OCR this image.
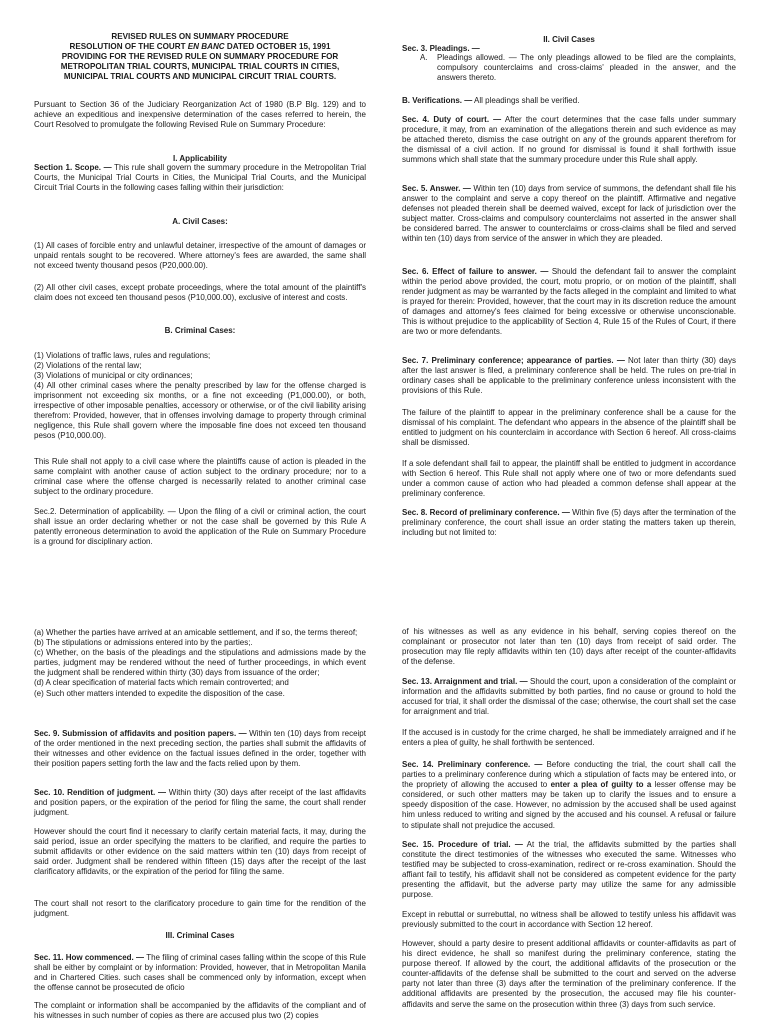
REVISED RULES ON SUMMARY PROCEDURE
RESOLUTION OF THE COURT EN BANC DATED OCTOBER 15, 1991
PROVIDING FOR THE REVISED RULE ON SUMMARY PROCEDURE FOR
METROPOLITAN TRIAL COURTS, MUNICIPAL TRIAL COURTS IN CITIES,
MUNICIPAL TRIAL COURTS AND MUNICIPAL CIRCUIT TRIAL COURTS.

Pursuant to Section 36 of the Judiciary Reorganization Act of 1980 (B.P Blg. 129) and to achieve an expeditious and inexpensive determination of the cases referred to herein, the Court Resolved to promulgate the following Revised Rule on Summary Procedure:

I. Applicability

Section 1. Scope. — This rule shall govern the summary procedure in the Metropolitan Trial Courts, the Municipal Trial Courts in Cities, the Municipal Trial Courts, and the Municipal Circuit Trial Courts in the following cases falling within their jurisdiction:

A. Civil Cases:

(1) All cases of forcible entry and unlawful detainer, irrespective of the amount of damages or unpaid rentals sought to be recovered. Where attorney's fees are awarded, the same shall not exceed twenty thousand pesos (P20,000.00).

(2) All other civil cases, except probate proceedings, where the total amount of the plaintiff's claim does not exceed ten thousand pesos (P10,000.00), exclusive of interest and costs.

B. Criminal Cases:

(1) Violations of traffic laws, rules and regulations;
(2) Violations of the rental law;
(3) Violations of municipal or city ordinances;
(4) All other criminal cases where the penalty prescribed by law for the offense charged is imprisonment not exceeding six months, or a fine not exceeding (P1,000.00), or both, irrespective of other imposable penalties, accessory or otherwise, or of the civil liability arising therefrom: Provided, however, that in offenses involving damage to property through criminal negligence, this Rule shall govern where the imposable fine does not exceed ten thousand pesos (P10,000.00).

This Rule shall not apply to a civil case where the plaintiffs cause of action is pleaded in the same complaint with another cause of action subject to the ordinary procedure; nor to a criminal case where the offense charged is necessarily related to another criminal case subject to the ordinary procedure.

Sec.2. Determination of applicability. — Upon the filing of a civil or criminal action, the court shall issue an order declaring whether or not the case shall be governed by this Rule A patently erroneous determination to avoid the application of the Rule on Summary Procedure is a ground for disciplinary action.

II. Civil Cases

Sec. 3. Pleadings. —

A.	Pleadings allowed. — The only pleadings allowed to be filed are the complaints, compulsory counterclaims and cross-claims' pleaded in the answer, and the answers thereto.

B. Verifications. — All pleadings shall be verified.

Sec. 4. Duty of court. — After the court determines that the case falls under summary procedure, it may, from an examination of the allegations therein and such evidence as may be attached thereto, dismiss the case outright on any of the grounds apparent therefrom for the dismissal of a civil action. If no ground for dismissal is found it shall forthwith issue summons which shall state that the summary procedure under this Rule shall apply.

Sec. 5. Answer. — Within ten (10) days from service of summons, the defendant shall file his answer to the complaint and serve a copy thereof on the plaintiff. Affirmative and negative defenses not pleaded therein shall be deemed waived, except for lack of jurisdiction over the subject matter. Cross-claims and compulsory counterclaims not asserted in the answer shall be considered barred. The answer to counterclaims or cross-claims shall be filed and served within ten (10) days from service of the answer in which they are pleaded.

Sec. 6. Effect of failure to answer. — Should the defendant fail to answer the complaint within the period above provided, the court, motu proprio, or on motion of the plaintiff, shall render judgment as may be warranted by the facts alleged in the complaint and limited to what is prayed for therein: Provided, however, that the court may in its discretion reduce the amount of damages and attorney's fees claimed for being excessive or otherwise unconscionable. This is without prejudice to the applicability of Section 4, Rule 15 of the Rules of Court, if there are two or more defendants.

Sec. 7. Preliminary conference; appearance of parties. — Not later than thirty (30) days after the last answer is filed, a preliminary conference shall be held. The rules on pre-trial in ordinary cases shall be applicable to the preliminary conference unless inconsistent with the provisions of this Rule.

The failure of the plaintiff to appear in the preliminary conference shall be a cause for the dismissal of his complaint. The defendant who appears in the absence of the plaintiff shall be entitled to judgment on his counterclaim in accordance with Section 6 hereof. All cross-claims shall be dismissed.

If a sole defendant shall fail to appear, the plaintiff shall be entitled to judgment in accordance with Section 6 hereof. This Rule shall not apply where one of two or more defendants sued under a common cause of action who had pleaded a common defense shall appear at the preliminary conference.

Sec. 8. Record of preliminary conference. — Within five (5) days after the termination of the preliminary conference, the court shall issue an order stating the matters taken up therein, including but not limited to:

(a) Whether the parties have arrived at an amicable settlement, and if so, the terms thereof;
(b) The stipulations or admissions entered into by the parties;.
(c) Whether, on the basis of the pleadings and the stipulations and admissions made by the parties, judgment may be rendered without the need of further proceedings, in which event the judgment shall be rendered within thirty (30) days from issuance of the order;
(d) A clear specification of material facts which remain controverted; and
(e) Such other matters intended to expedite the disposition of the case.

Sec. 9. Submission of affidavits and position papers. — Within ten (10) days from receipt of the order mentioned in the next preceding section, the parties shall submit the affidavits of their witnesses and other evidence on the factual issues defined in the order, together with their position papers setting forth the law and the facts relied upon by them.

Sec. 10. Rendition of judgment. — Within thirty (30) days after receipt of the last affidavits and position papers, or the expiration of the period for filing the same, the court shall render judgment.

However should the court find it necessary to clarify certain material facts, it may, during the said period, issue an order specifying the matters to be clarified, and require the parties to submit affidavits or other evidence on the said matters within ten (10) days from receipt of said order. Judgment shall be rendered within fifteen (15) days after the receipt of the last clarificatory affidavits, or the expiration of the period for filing the same.

The court shall not resort to the clarificatory procedure to gain time for the rendition of the judgment.

III. Criminal Cases

Sec. 11. How commenced. — The filing of criminal cases falling within the scope of this Rule shall be either by complaint or by information: Provided, however, that in Metropolitan Manila and in Chartered Cities. such cases shall be commenced only by information, except when the offense cannot be prosecuted de oficio

The complaint or information shall be accompanied by the affidavits of the compliant and of his witnesses in such number of copies as there are accused plus two (2) copies

of his witnesses as well as any evidence in his behalf, serving copies thereof on the complainant or prosecutor not later than ten (10) days from receipt of said order. The prosecution may file reply affidavits within ten (10) days after receipt of the counter-affidavits of the defense.

Sec. 13. Arraignment and trial. — Should the court, upon a consideration of the complaint or information and the affidavits submitted by both parties, find no cause or ground to hold the accused for trial, it shall order the dismissal of the case; otherwise, the court shall set the case for arraignment and trial.

If the accused is in custody for the crime charged, he shall be immediately arraigned and if he enters a plea of guilty, he shall forthwith be sentenced.

Sec. 14. Preliminary conference. — Before conducting the trial, the court shall call the parties to a preliminary conference during which a stipulation of facts may be entered into, or the propriety of allowing the accused to enter a plea of guilty to a lesser offense may be considered, or such other matters may be taken up to clarify the issues and to ensure a speedy disposition of the case. However, no admission by the accused shall be used against him unless reduced to writing and signed by the accused and his counsel. A refusal or failure to stipulate shall not prejudice the accused.

Sec. 15. Procedure of trial. — At the trial, the affidavits submitted by the parties shall constitute the direct testimonies of the witnesses who executed the same. Witnesses who testified may be subjected to cross-examination, redirect or re-cross examination. Should the affiant fail to testify, his affidavit shall not be considered as competent evidence for the party presenting the affidavit, but the adverse party may utilize the same for any admissible purpose.

Except in rebuttal or surrebuttal, no witness shall be allowed to testify unless his affidavit was previously submitted to the court in accordance with Section 12 hereof.

However, should a party desire to present additional affidavits or counter-affidavits as part of his direct evidence, he shall so manifest during the preliminary conference, stating the purpose thereof. If allowed by the court, the additional affidavits of the prosecution or the counter-affidavits of the defense shall be submitted to the court and served on the adverse party not later than three (3) days after the termination of the preliminary conference. If the additional affidavits are presented by the prosecution, the accused may file his counter-affidavits and serve the same on the prosecution within three (3) days from such service.
